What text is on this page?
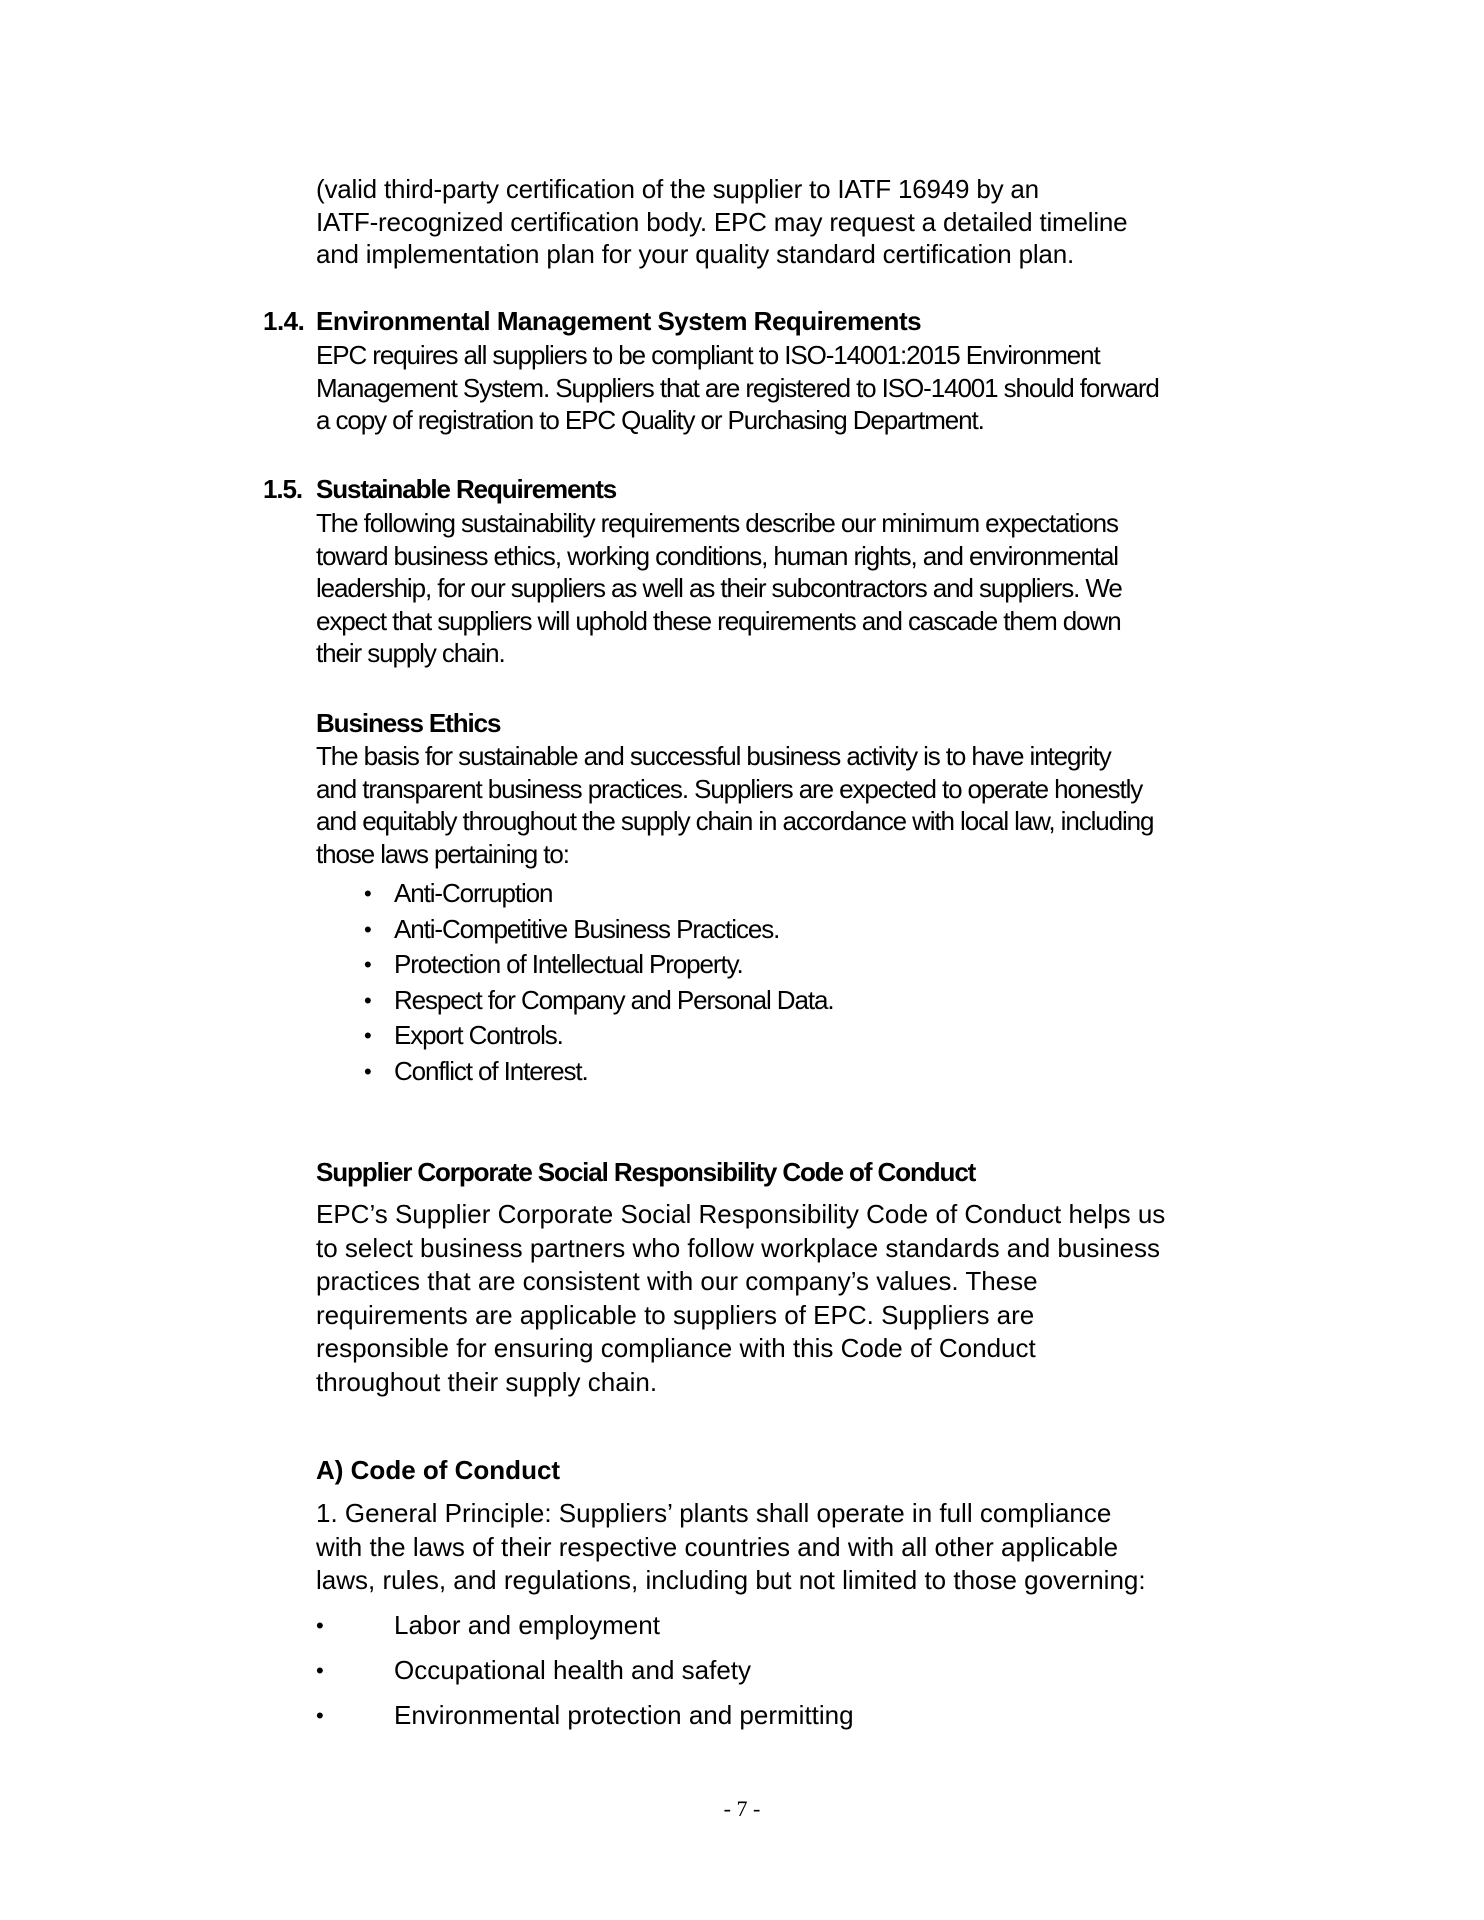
(valid third-party certification of the supplier to IATF 16949 by an
IATF-recognized certification body. EPC may request a detailed timeline
and implementation plan for your quality standard certification plan.
1.4. Environmental Management System Requirements
EPC requires all suppliers to be compliant to ISO-14001:2015 Environment
Management System. Suppliers that are registered to ISO-14001 should forward
a copy of registration to EPC Quality or Purchasing Department.
1.5. Sustainable Requirements
The following sustainability requirements describe our minimum expectations
toward business ethics, working conditions, human rights, and environmental
leadership, for our suppliers as well as their subcontractors and suppliers. We
expect that suppliers will uphold these requirements and cascade them down
their supply chain.
Business Ethics
The basis for sustainable and successful business activity is to have integrity
and transparent business practices. Suppliers are expected to operate honestly
and equitably throughout the supply chain in accordance with local law, including
those laws pertaining to:
• Anti-Corruption
• Anti-Competitive Business Practices.
• Protection of Intellectual Property.
• Respect for Company and Personal Data.
• Export Controls.
• Conflict of Interest.
Supplier Corporate Social Responsibility Code of Conduct
EPC’s Supplier Corporate Social Responsibility Code of Conduct helps us
to select business partners who follow workplace standards and business
practices that are consistent with our company’s values. These
requirements are applicable to suppliers of EPC. Suppliers are
responsible for ensuring compliance with this Code of Conduct
throughout their supply chain.
A) Code of Conduct
1. General Principle: Suppliers’ plants shall operate in full compliance
with the laws of their respective countries and with all other applicable
laws, rules, and regulations, including but not limited to those governing:
•	Labor and employment
•	Occupational health and safety
•	Environmental protection and permitting
- 7 -
